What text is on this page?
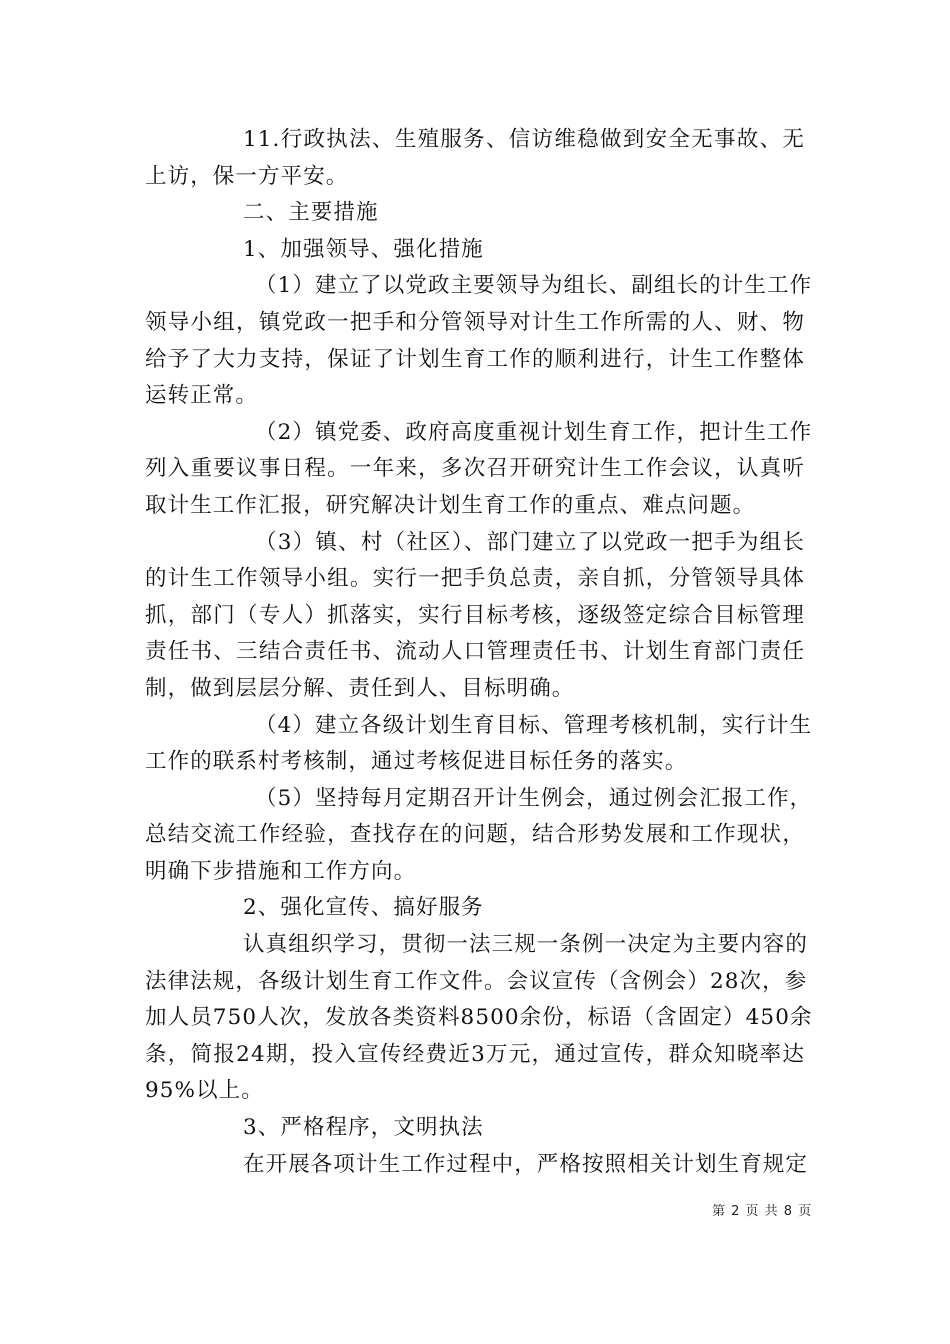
11.行政执法、生殖服务、信访维稳做到安全无事故、无
上访，保一方平安。
二、主要措施
1、加强领导、强化措施
（1）建立了以党政主要领导为组长、副组长的计生工作
领导小组，镇党政一把手和分管领导对计生工作所需的人、财、物
给予了大力支持，保证了计划生育工作的顺利进行，计生工作整体
运转正常。
（2）镇党委、政府高度重视计划生育工作，把计生工作
列入重要议事日程。一年来，多次召开研究计生工作会议，认真听
取计生工作汇报，研究解决计划生育工作的重点、难点问题。
（3）镇、村（社区）、部门建立了以党政一把手为组长
的计生工作领导小组。实行一把手负总责，亲自抓，分管领导具体
抓，部门（专人）抓落实，实行目标考核，逐级签定综合目标管理
责任书、三结合责任书、流动人口管理责任书、计划生育部门责任
制，做到层层分解、责任到人、目标明确。
（4）建立各级计划生育目标、管理考核机制，实行计生
工作的联系村考核制，通过考核促进目标任务的落实。
（5）坚持每月定期召开计生例会，通过例会汇报工作，
总结交流工作经验，查找存在的问题，结合形势发展和工作现状，
明确下步措施和工作方向。
2、强化宣传、搞好服务
认真组织学习，贯彻一法三规一条例一决定为主要内容的
法律法规，各级计划生育工作文件。会议宣传（含例会）28次，参
加人员750人次，发放各类资料8500余份，标语（含固定）450余
条，简报24期，投入宣传经费近3万元，通过宣传，群众知晓率达
95%以上。
3、严格程序，文明执法
在开展各项计生工作过程中，严格按照相关计划生育规定
第 2 页 共 8 页
